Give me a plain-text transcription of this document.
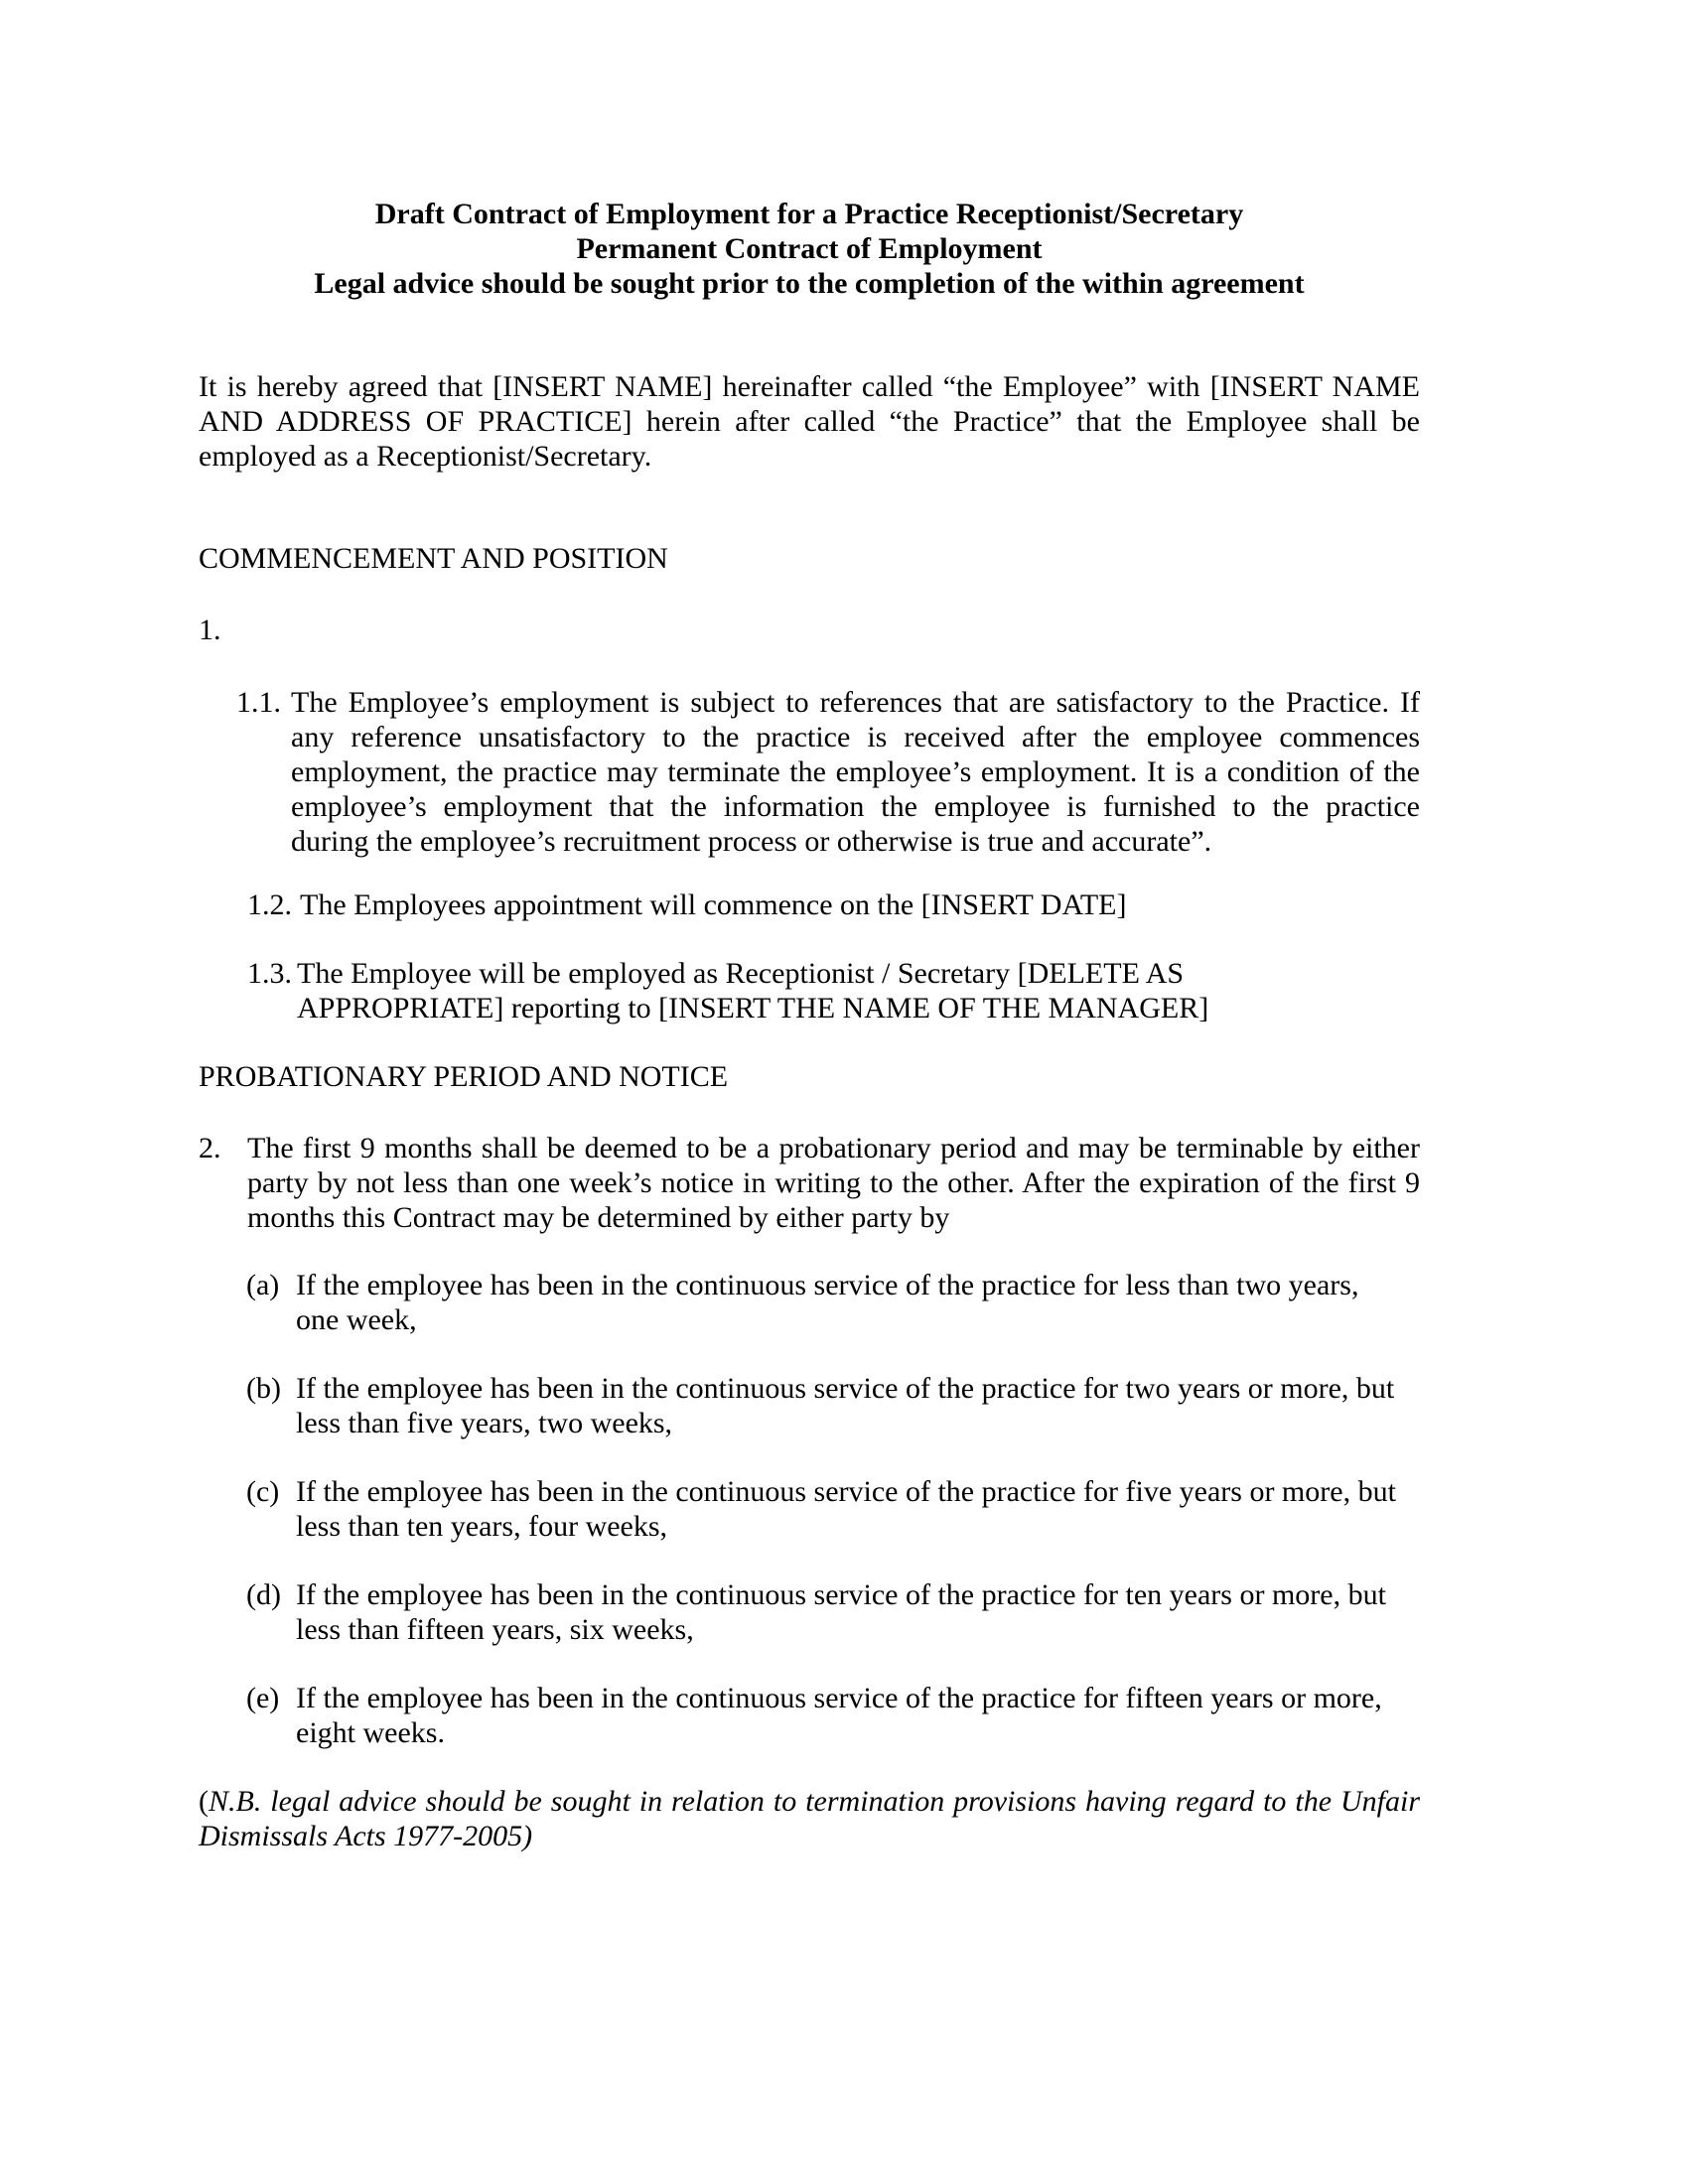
Draft Contract of Employment for a Practice Receptionist/Secretary
Permanent Contract of Employment
Legal advice should be sought prior to the completion of the within agreement
It is hereby agreed that [INSERT NAME] hereinafter called “the Employee” with [INSERT NAME
AND ADDRESS OF PRACTICE] herein after called “the Practice” that the Employee shall be
employed as a Receptionist/Secretary.
COMMENCEMENT AND POSITION
1.
1.1. The Employee’s employment is subject to references that are satisfactory to the Practice. If
any reference unsatisfactory to the practice is received after the employee commences
employment, the practice may terminate the employee’s employment. It is a condition of the
employee’s employment that the information the employee is furnished to the practice
during the employee’s recruitment process or otherwise is true and accurate”.
1.2. The Employees appointment will commence on the [INSERT DATE]
1.3. The Employee will be employed as Receptionist / Secretary [DELETE AS
APPROPRIATE] reporting to [INSERT THE NAME OF THE MANAGER]
PROBATIONARY PERIOD AND NOTICE
2. The first 9 months shall be deemed to be a probationary period and may be terminable by either
party by not less than one week’s notice in writing to the other. After the expiration of the first 9
months this Contract may be determined by either party by
(a) If the employee has been in the continuous service of the practice for less than two years,
one week,
(b) If the employee has been in the continuous service of the practice for two years or more, but
less than five years, two weeks,
(c) If the employee has been in the continuous service of the practice for five years or more, but
less than ten years, four weeks,
(d) If the employee has been in the continuous service of the practice for ten years or more, but
less than fifteen years, six weeks,
(e) If the employee has been in the continuous service of the practice for fifteen years or more,
eight weeks.
(N.B. legal advice should be sought in relation to termination provisions having regard to the Unfair
Dismissals Acts 1977-2005)
